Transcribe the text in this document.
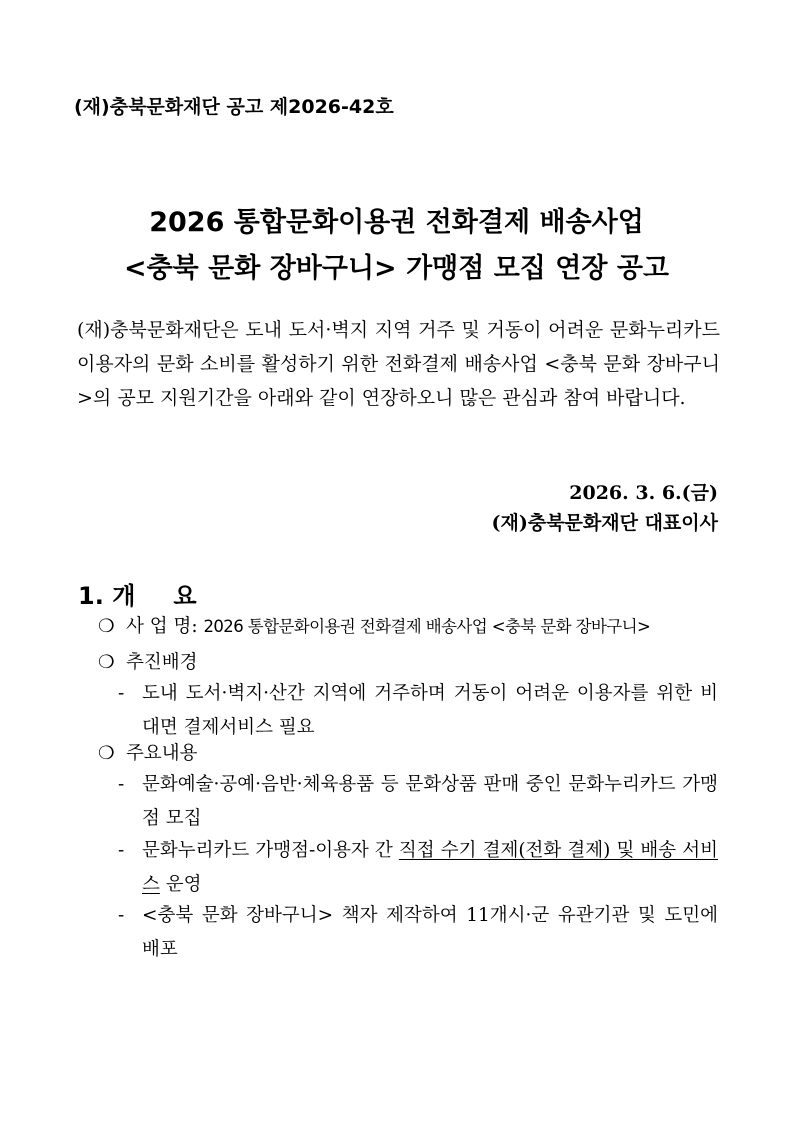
(재)충북문화재단 공고 제2026-42호
2026 통합문화이용권 전화결제 배송사업
<충북 문화 장바구니> 가맹점 모집 연장 공고
(재)충북문화재단은 도내 도서·벽지 지역 거주 및 거동이 어려운 문화누리카드 이용자의 문화 소비를 활성하기 위한 전화결제 배송사업 <충북 문화 장바구니>의 공모 지원기간을 아래와 같이 연장하오니 많은 관심과 참여 바랍니다.
2026. 3. 6.(금)
(재)충북문화재단 대표이사
1. 개 요
❍ 사 업 명: 2026 통합문화이용권 전화결제 배송사업 <충북 문화 장바구니>
❍ 추진배경
- 도내 도서·벽지·산간 지역에 거주하며 거동이 어려운 이용자를 위한 비대면 결제서비스 필요
❍ 주요내용
- 문화예술·공예·음반·체육용품 등 문화상품 판매 중인 문화누리카드 가맹점 모집
- 문화누리카드 가맹점-이용자 간 직접 수기 결제(전화 결제) 및 배송 서비스 운영
- <충북 문화 장바구니> 책자 제작하여 11개시·군 유관기관 및 도민에 배포
